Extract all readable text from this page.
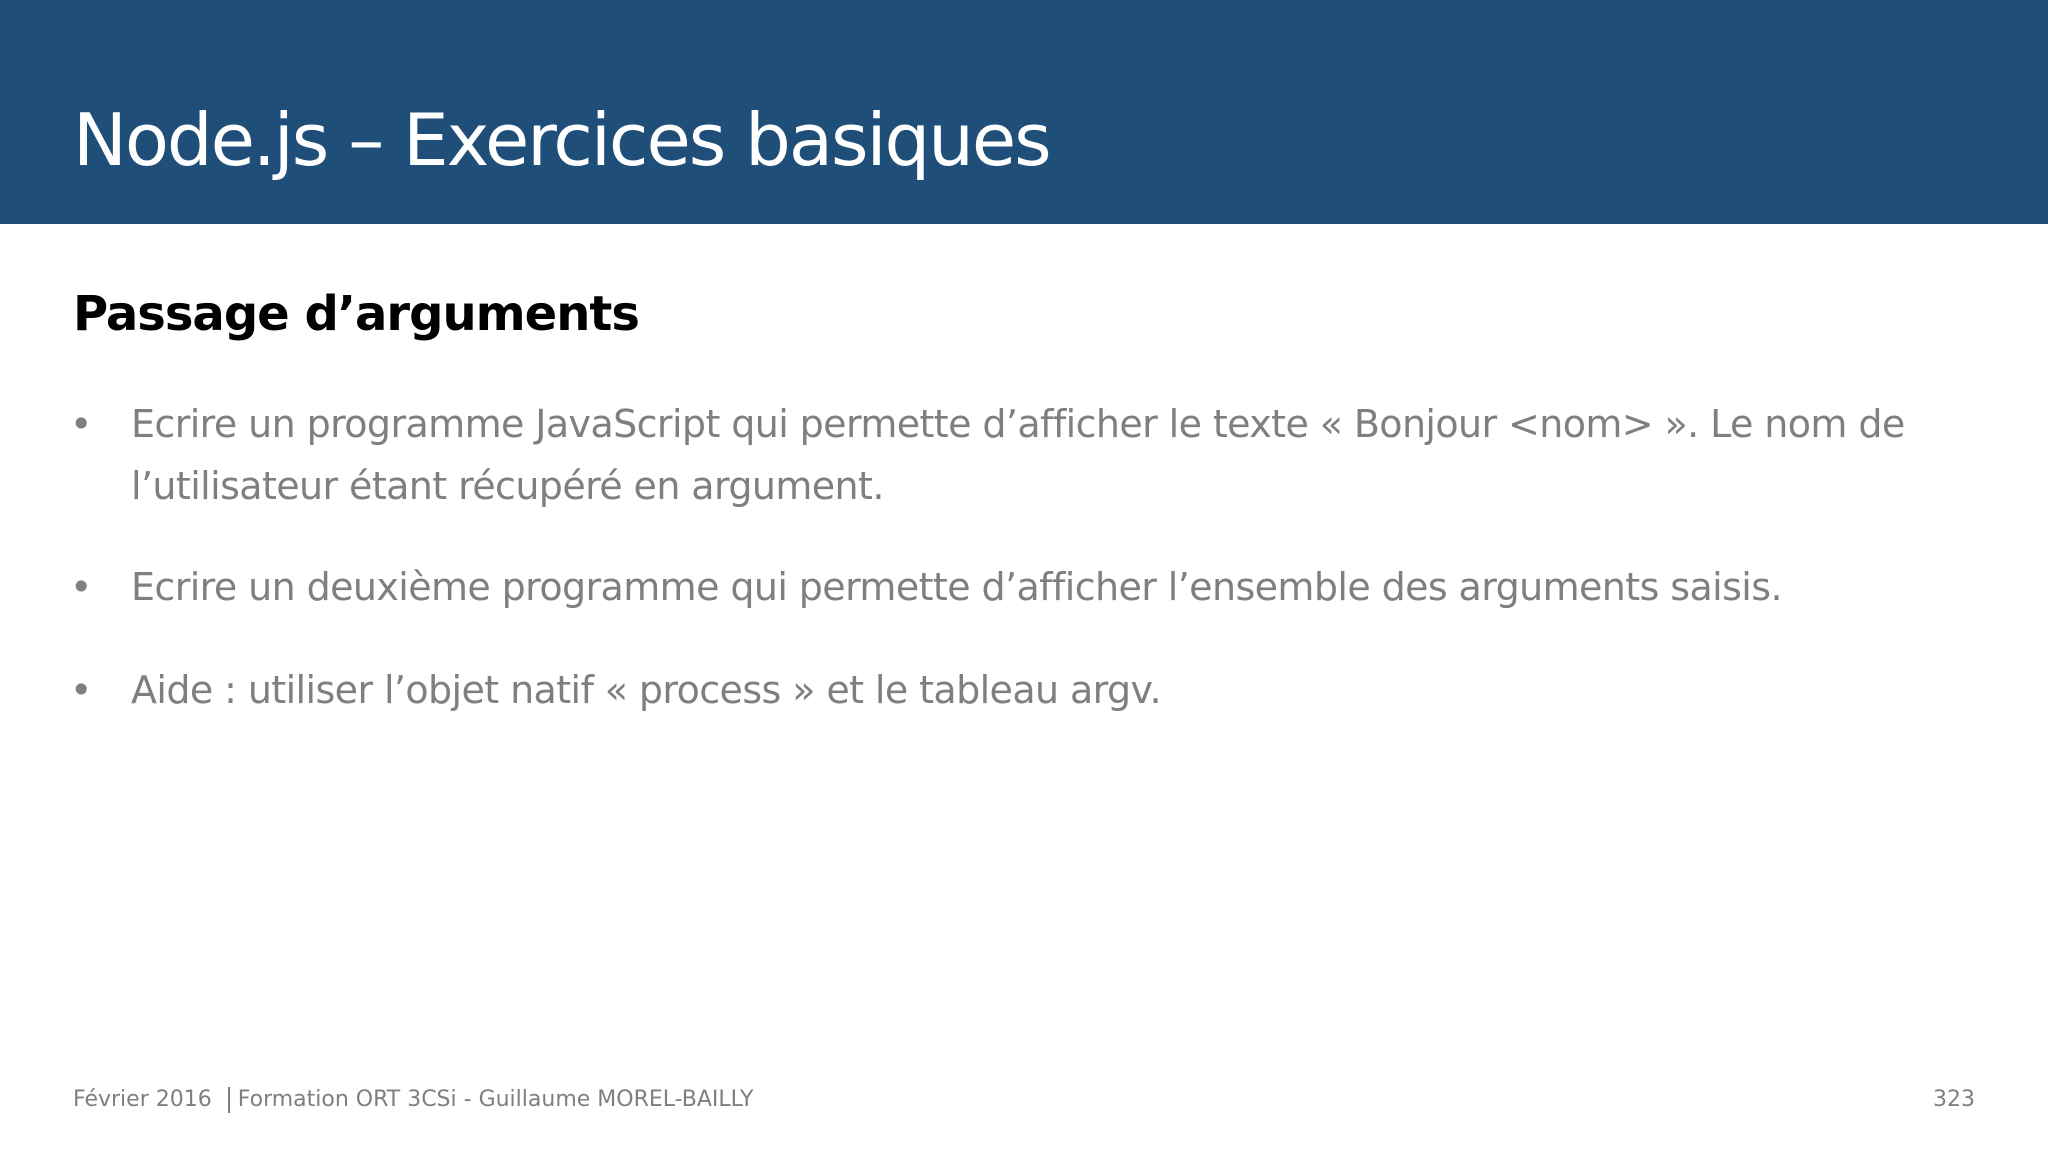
Node.js – Exercices basiques
Passage d’arguments
• Ecrire un programme JavaScript qui permette d’afficher le texte « Bonjour <nom> ». Le nom de l’utilisateur étant récupéré en argument.
• Ecrire un deuxième programme qui permette d’afficher l’ensemble des arguments saisis.
• Aide : utiliser l’objet natif « process » et le tableau argv.
Février 2016 Formation ORT 3CSi - Guillaume MOREL-BAILLY	323
